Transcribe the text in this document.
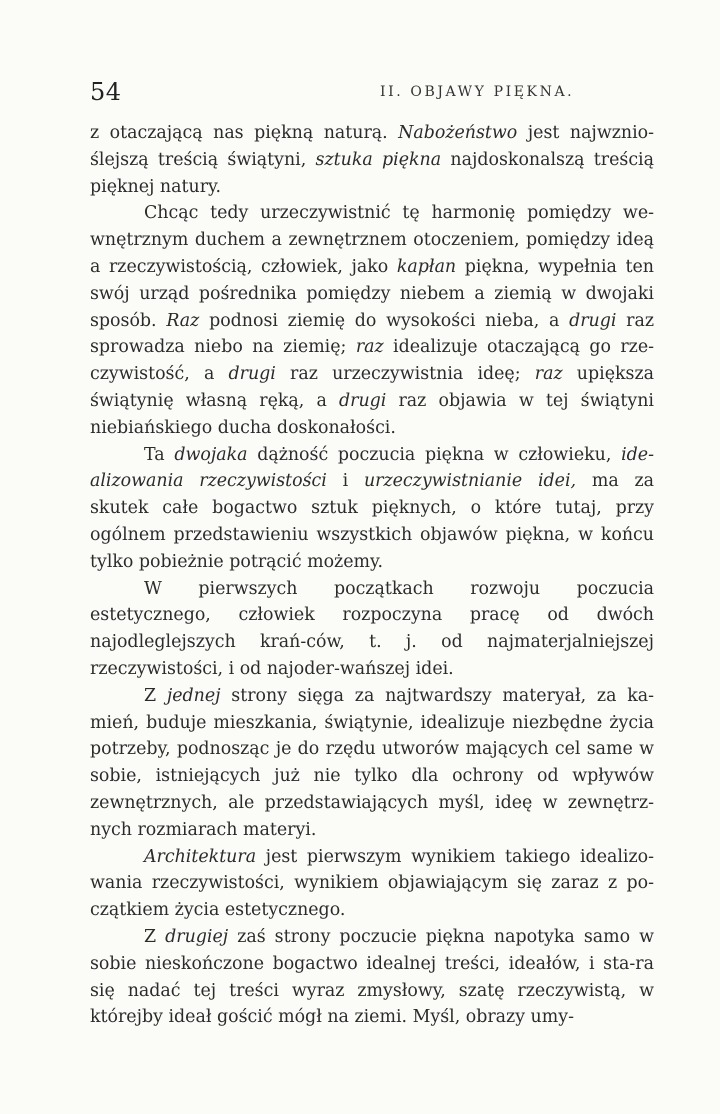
54	II. OBJAWY PIĘKNA.

z otaczającą nas piękną naturą. Nabożeństwo jest najwznio-ślejszą treścią świątyni, sztuka piękna najdoskonalszą treścią pięknej natury.

Chcąc tedy urzeczywistnić tę harmonię pomiędzy we-wnętrznym duchem a zewnętrznem otoczeniem, pomiędzy ideą a rzeczywistością, człowiek, jako kapłan piękna, wypełnia ten swój urząd pośrednika pomiędzy niebem a ziemią w dwojaki sposób. Raz podnosi ziemię do wysokości nieba, a drugi raz sprowadza niebo na ziemię; raz idealizuje otaczającą go rze-czywistość, a drugi raz urzeczywistnia ideę; raz upiększa świątynię własną ręką, a drugi raz objawia w tej świątyni niebiańskiego ducha doskonałości.

Ta dwojaka dążność poczucia piękna w człowieku, ide-alizowania rzeczywistości i urzeczywistnianie idei, ma za skutek całe bogactwo sztuk pięknych, o które tutaj, przy ogólnem przedstawieniu wszystkich objawów piękna, w końcu tylko pobieżnie potrącić możemy.

W pierwszych początkach rozwoju poczucia estetycznego, człowiek rozpoczyna pracę od dwóch najodleglejszych krań-ców, t. j. od najmaterjalniejszej rzeczywistości, i od najoder-wańszej idei.

Z jednej strony sięga za najtwardszy materyał, za ka-mień, buduje mieszkania, świątynie, idealizuje niezbędne życia potrzeby, podnosząc je do rzędu utworów mających cel same w sobie, istniejących już nie tylko dla ochrony od wpływów zewnętrznych, ale przedstawiających myśl, ideę w zewnętrz-nych rozmiarach materyi.

Architektura jest pierwszym wynikiem takiego idealizo-wania rzeczywistości, wynikiem objawiającym się zaraz z po-czątkiem życia estetycznego.

Z drugiej zaś strony poczucie piękna napotyka samo w sobie nieskończone bogactwo idealnej treści, ideałów, i sta-ra się nadać tej treści wyraz zmysłowy, szatę rzeczywistą, w którejby ideał gościć mógł na ziemi. Myśl, obrazy umy-
